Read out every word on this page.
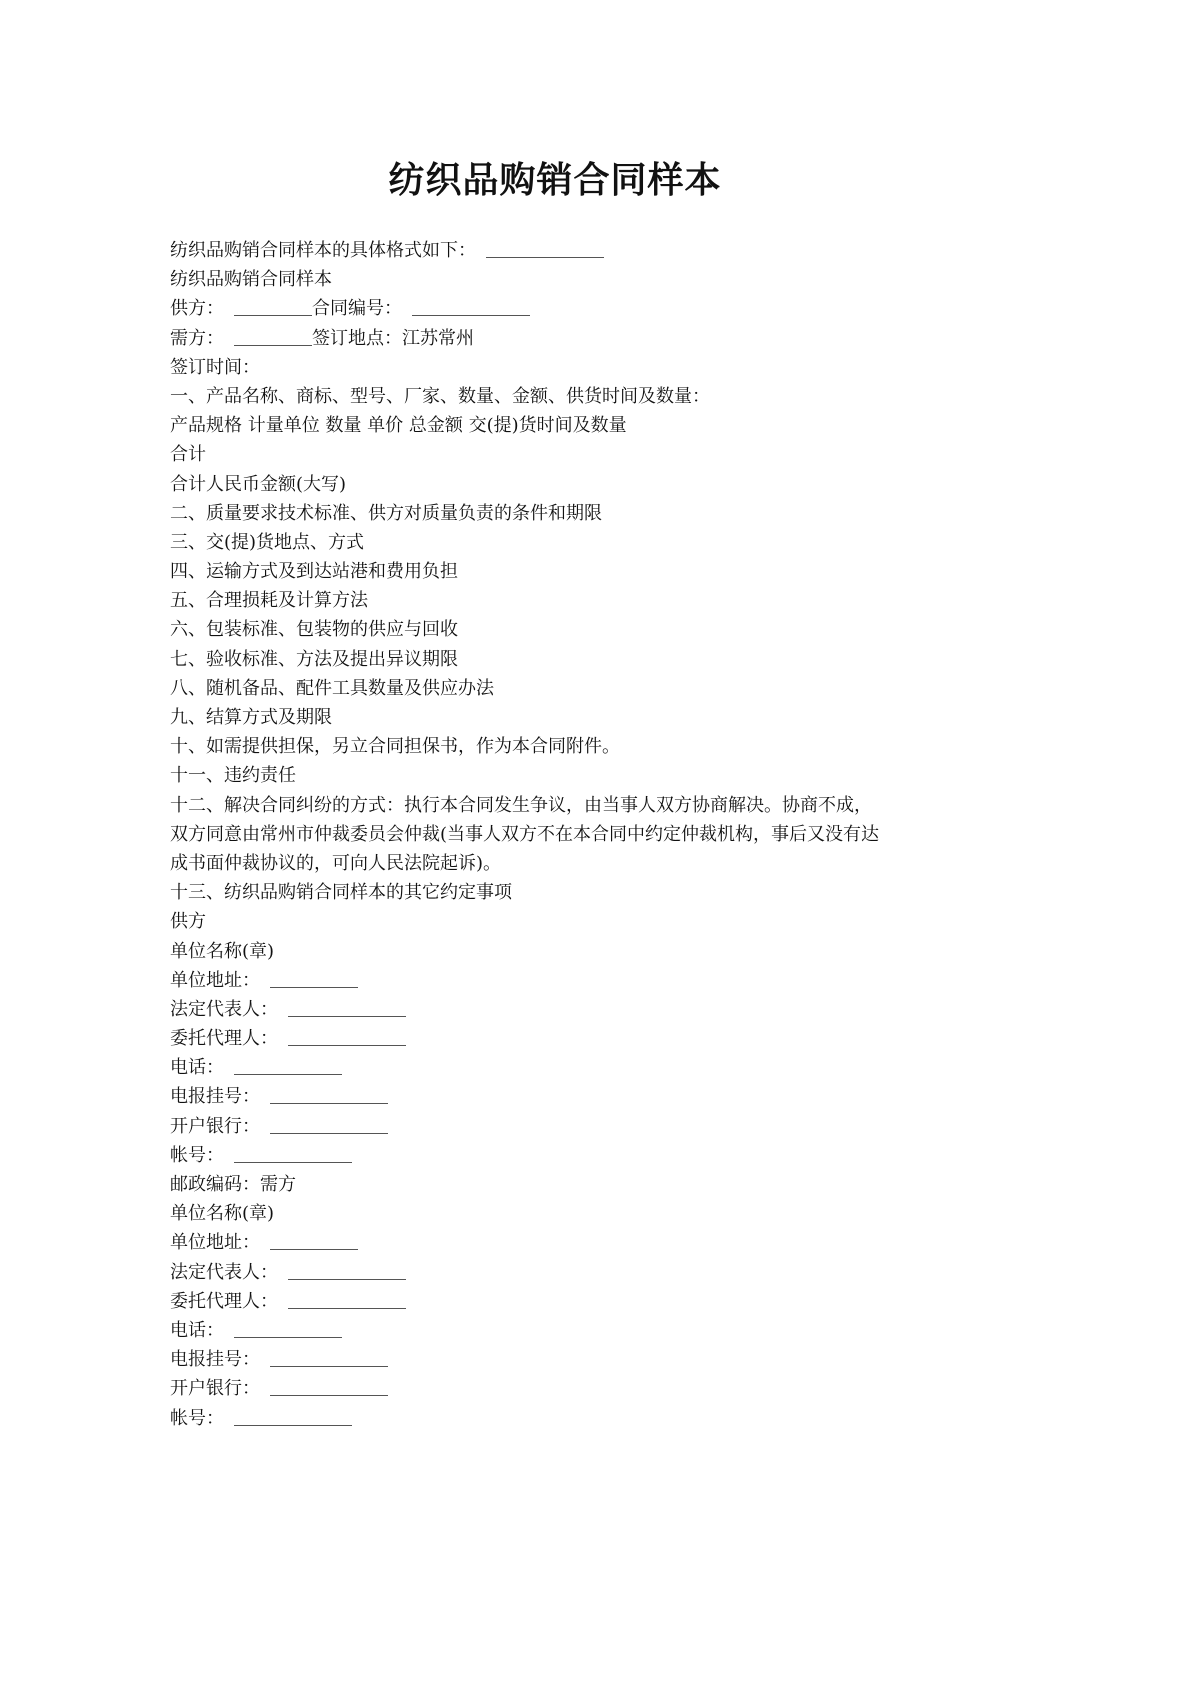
纺织品购销合同样本
纺织品购销合同样本的具体格式如下：
纺织品购销合同样本
供方：	合同编号：
需方：	签订地点：江苏常州
签订时间：
一、产品名称、商标、型号、厂家、数量、金额、供货时间及数量：
产品规格 计量单位 数量 单价 总金额 交(提)货时间及数量
合计
合计人民币金额(大写)
二、质量要求技术标准、供方对质量负责的条件和期限
三、交(提)货地点、方式
四、运输方式及到达站港和费用负担
五、合理损耗及计算方法
六、包装标准、包装物的供应与回收
七、验收标准、方法及提出异议期限
八、随机备品、配件工具数量及供应办法
九、结算方式及期限
十、如需提供担保，另立合同担保书，作为本合同附件。
十一、违约责任
十二、解决合同纠纷的方式：执行本合同发生争议，由当事人双方协商解决。协商不成，
双方同意由常州市仲裁委员会仲裁(当事人双方不在本合同中约定仲裁机构，事后又没有达
成书面仲裁协议的，可向人民法院起诉)。
十三、纺织品购销合同样本的其它约定事项
供方
单位名称(章)
单位地址：
法定代表人：
委托代理人：
电话：
电报挂号：
开户银行：
帐号：
邮政编码：需方
单位名称(章)
单位地址：
法定代表人：
委托代理人：
电话：
电报挂号：
开户银行：
帐号：
